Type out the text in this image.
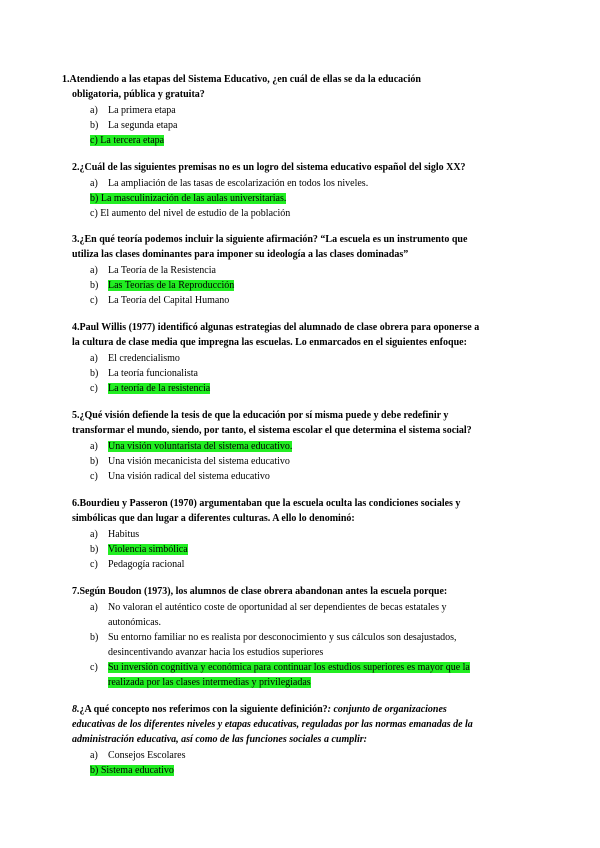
1.Atendiendo a las etapas del Sistema Educativo, ¿en cuál de ellas se da la educación
obligatoria, pública y gratuita?
a) La primera etapa
b) La segunda etapa
c) La tercera etapa
2.¿Cuál de las siguientes premisas no es un logro del sistema educativo español del siglo XX?
a) La ampliación de las tasas de escolarización en todos los niveles.
b) La masculinización de las aulas universitarias.
c) El aumento del nivel de estudio de la población
3.¿En qué teoría podemos incluir la siguiente afirmación? “La escuela es un instrumento que
utiliza las clases dominantes para imponer su ideología a las clases dominadas”
a) La Teoría de la Resistencia
b) Las Teorías de la Reproducción
c) La Teoría del Capital Humano
4.Paul Willis (1977) identificó algunas estrategias del alumnado de clase obrera para oponerse a
la cultura de clase media que impregna las escuelas. Lo enmarcados en el siguientes enfoque:
a) El credencialismo
b) La teoría funcionalista
c) La teoría de la resistencia
5.¿Qué visión defiende la tesis de que la educación por sí misma puede y debe redefinir y
transformar el mundo, siendo, por tanto, el sistema escolar el que determina el sistema social?
a) Una visión voluntarista del sistema educativo.
b) Una visión mecanicista del sistema educativo
c) Una visión radical del sistema educativo
6.Bourdieu y Passeron (1970) argumentaban que la escuela oculta las condiciones sociales y
simbólicas que dan lugar a diferentes culturas. A ello lo denominó:
a) Habitus
b) Violencia simbólica
c) Pedagogía racional
7.Según Boudon (1973), los alumnos de clase obrera abandonan antes la escuela porque:
a) No valoran el auténtico coste de oportunidad al ser dependientes de becas estatales y
autonómicas.
b) Su entorno familiar no es realista por desconocimiento y sus cálculos son desajustados,
desincentivando avanzar hacia los estudios superiores
c) Su inversión cognitiva y económica para continuar los estudios superiores es mayor que la
realizada por las clases intermedias y privilegiadas
8.¿A qué concepto nos referimos con la siguiente definición?: conjunto de organizaciones
educativas de los diferentes niveles y etapas educativas, reguladas por las normas emanadas de la
administración educativa, así como de las funciones sociales a cumplir:
a) Consejos Escolares
b) Sistema educativo
